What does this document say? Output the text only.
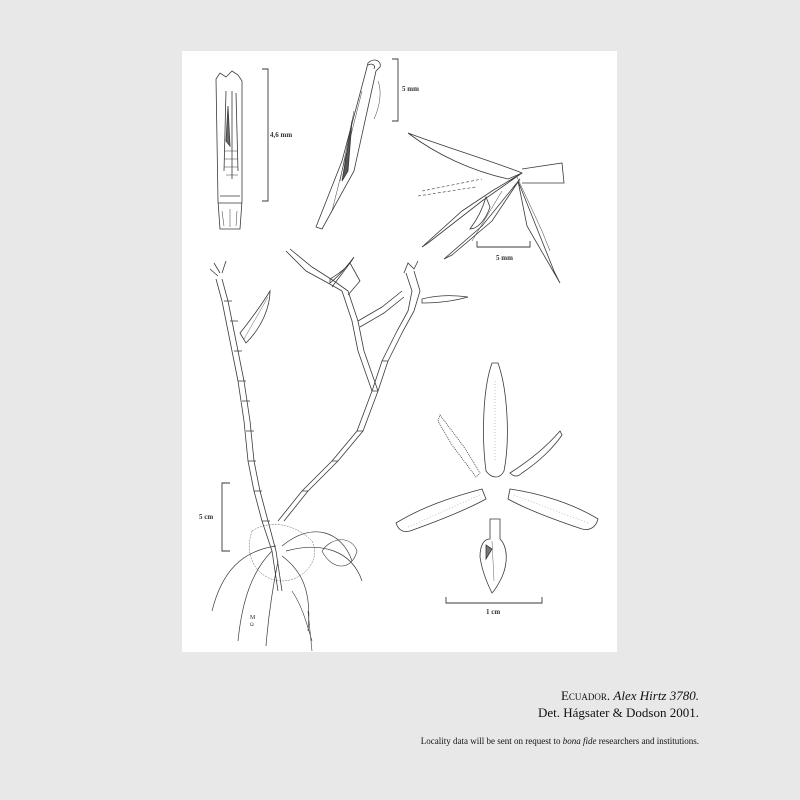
M
Ω
4,6 mm
5 mm
5 mm
5 cm
1 cm
Ecuador. Alex Hirtz 3780.
Det. Hágsater & Dodson 2001.
Locality data will be sent on request to bona fide researchers and institutions.
